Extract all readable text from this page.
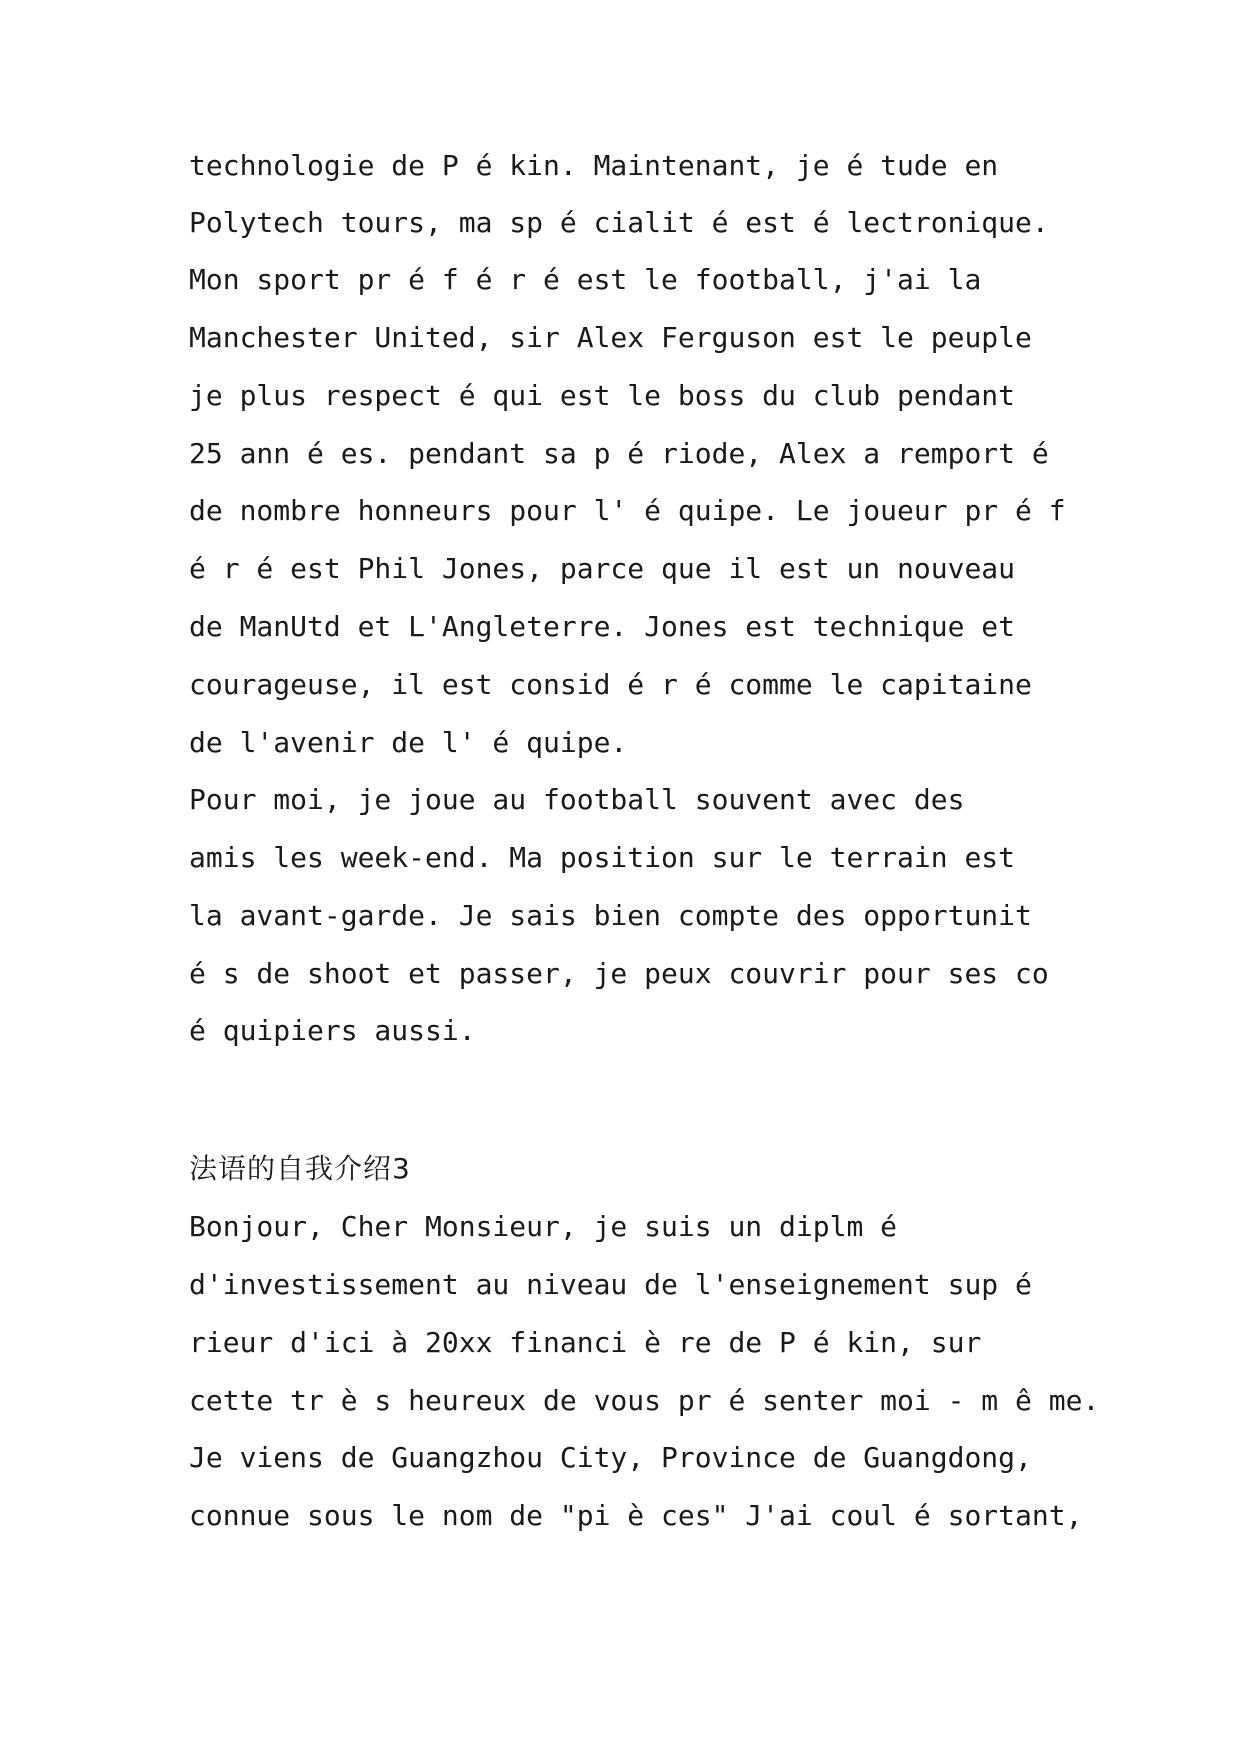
technologie de P é kin. Maintenant, je é tude en
Polytech tours, ma sp é cialit é est é lectronique.
Mon sport pr é f é r é est le football, j'ai la
Manchester United, sir Alex Ferguson est le peuple
je plus respect é qui est le boss du club pendant
25 ann é es. pendant sa p é riode, Alex a remport é
de nombre honneurs pour l' é quipe. Le joueur pr é f
é r é est Phil Jones, parce que il est un nouveau
de ManUtd et L'Angleterre. Jones est technique et
courageuse, il est consid é r é comme le capitaine
de l'avenir de l' é quipe.
Pour moi, je joue au football souvent avec des
amis les week-end. Ma position sur le terrain est
la avant-garde. Je sais bien compte des opportunit
é s de shoot et passer, je peux couvrir pour ses co
é quipiers aussi.
法语的自我介绍3
Bonjour, Cher Monsieur, je suis un diplm é
d'investissement au niveau de l'enseignement sup é
rieur d'ici à 20xx financi è re de P é kin, sur
cette tr è s heureux de vous pr é senter moi - m ê me.
Je viens de Guangzhou City, Province de Guangdong,
connue sous le nom de "pi è ces" J'ai coul é sortant,
